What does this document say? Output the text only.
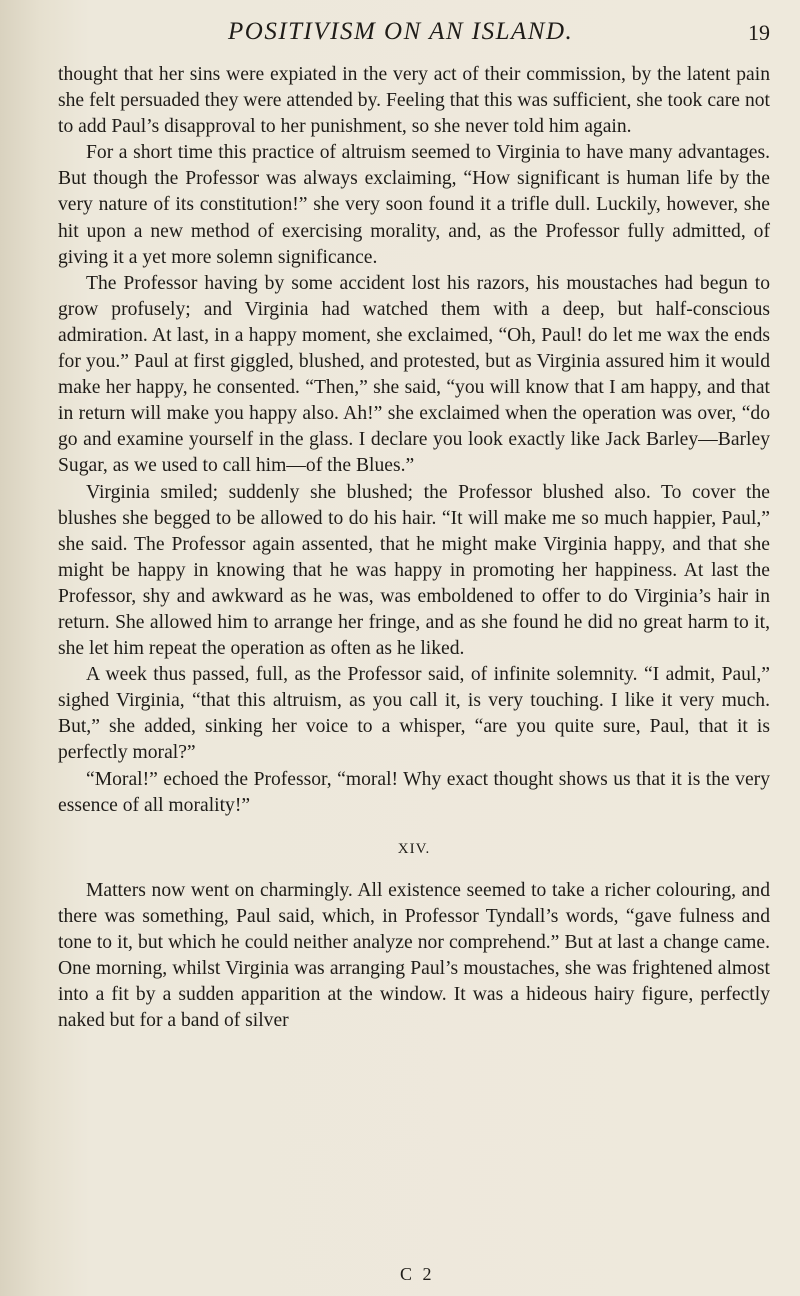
POSITIVISM ON AN ISLAND.	19

thought that her sins were expiated in the very act of their commission, by the latent pain she felt persuaded they were attended by. Feeling that this was sufficient, she took care not to add Paul’s disapproval to her punishment, so she never told him again.

For a short time this practice of altruism seemed to Virginia to have many advantages. But though the Professor was always exclaiming, “How significant is human life by the very nature of its constitution!” she very soon found it a trifle dull. Luckily, however, she hit upon a new method of exercising morality, and, as the Professor fully admitted, of giving it a yet more solemn significance.

The Professor having by some accident lost his razors, his moustaches had begun to grow profusely; and Virginia had watched them with a deep, but half-conscious admiration. At last, in a happy moment, she exclaimed, “Oh, Paul! do let me wax the ends for you.” Paul at first giggled, blushed, and protested, but as Virginia assured him it would make her happy, he consented. “Then,” she said, “you will know that I am happy, and that in return will make you happy also. Ah!” she exclaimed when the operation was over, “do go and examine yourself in the glass. I declare you look exactly like Jack Barley—Barley Sugar, as we used to call him—of the Blues.”

Virginia smiled; suddenly she blushed; the Professor blushed also. To cover the blushes she begged to be allowed to do his hair. “It will make me so much happier, Paul,” she said. The Professor again assented, that he might make Virginia happy, and that she might be happy in knowing that he was happy in promoting her happiness. At last the Professor, shy and awkward as he was, was emboldened to offer to do Virginia’s hair in return. She allowed him to arrange her fringe, and as she found he did no great harm to it, she let him repeat the operation as often as he liked.

A week thus passed, full, as the Professor said, of infinite solemnity. “I admit, Paul,” sighed Virginia, “that this altruism, as you call it, is very touching. I like it very much. But,” she added, sinking her voice to a whisper, “are you quite sure, Paul, that it is perfectly moral?”

“Moral!” echoed the Professor, “moral! Why exact thought shows us that it is the very essence of all morality!”

XIV.

Matters now went on charmingly. All existence seemed to take a richer colouring, and there was something, Paul said, which, in Professor Tyndall’s words, “gave fulness and tone to it, but which he could neither analyze nor comprehend.” But at last a change came. One morning, whilst Virginia was arranging Paul’s moustaches, she was frightened almost into a fit by a sudden apparition at the window. It was a hideous hairy figure, perfectly naked but for a band of silver

C 2
